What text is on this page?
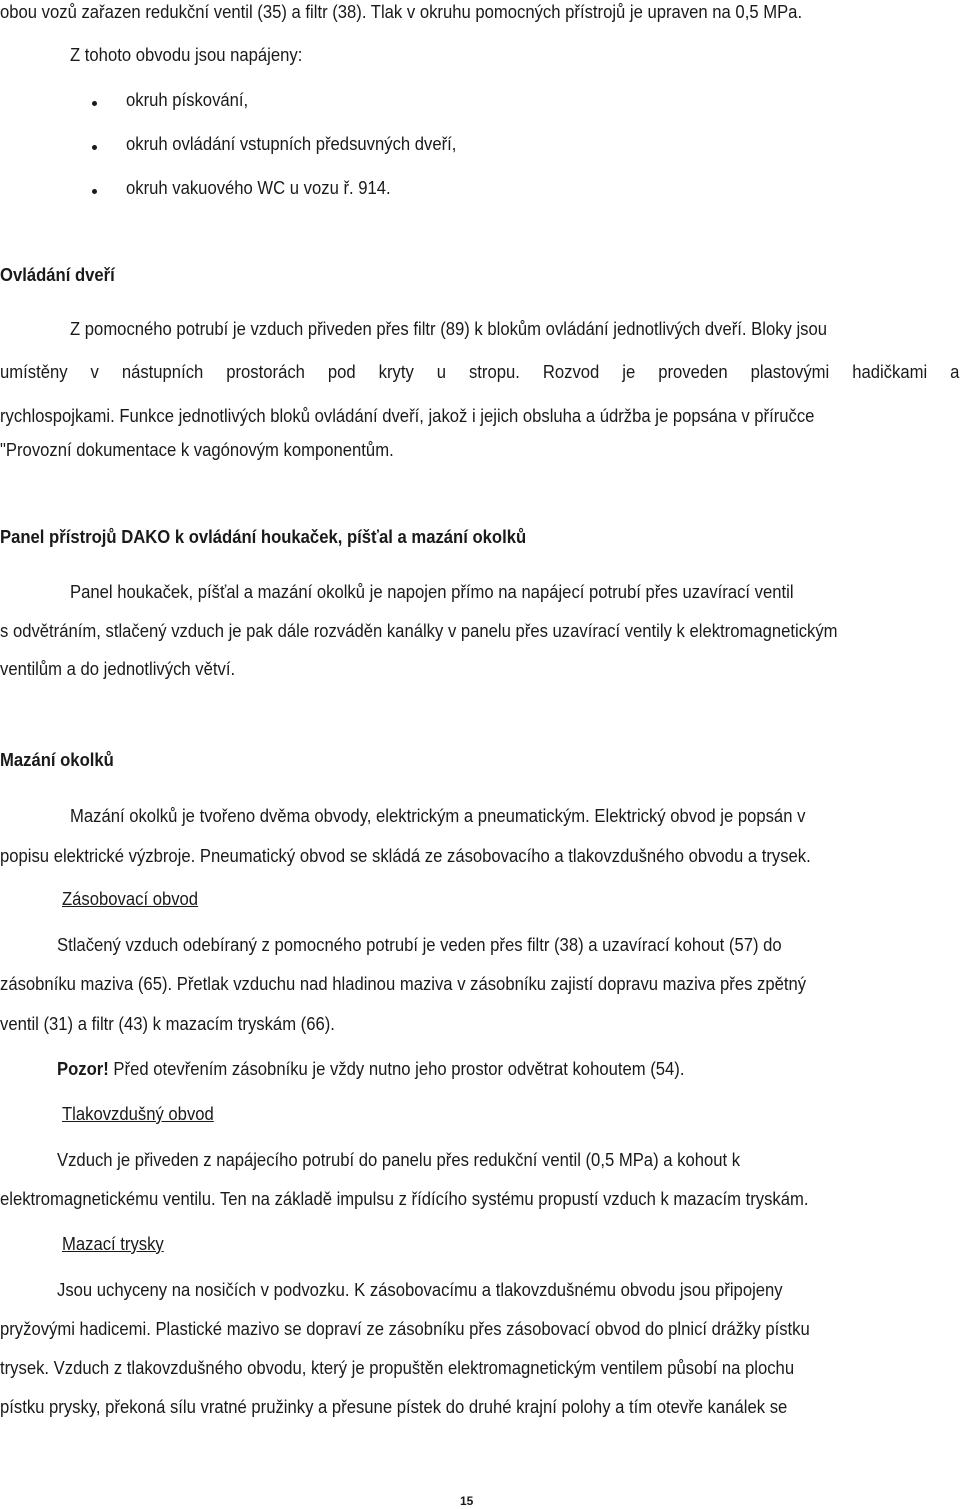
obou vozů zařazen redukční ventil (35) a filtr (38). Tlak v okruhu pomocných přístrojů je upraven na 0,5 MPa.
Z tohoto obvodu jsou napájeny:
okruh pískování,
okruh ovládání vstupních předsuvných dveří,
okruh vakuového WC u vozu ř. 914.
Ovládání dveří
Z pomocného potrubí je vzduch přiveden přes filtr (89) k blokům ovládání jednotlivých dveří. Bloky jsou
umístěny v nástupních prostorách pod kryty u stropu. Rozvod je proveden plastovými hadičkami a
rychlospojkami. Funkce jednotlivých bloků ovládání dveří, jakož i jejich obsluha a údržba je popsána v příručce
"Provozní dokumentace k vagónovým komponentům.
Panel přístrojů DAKO k ovládání houkaček, píšťal a mazání okolků
Panel houkaček, píšťal a mazání okolků je napojen přímo na napájecí potrubí přes uzavírací ventil
s odvětráním, stlačený vzduch je pak dále rozváděn kanálky v panelu přes uzavírací ventily k elektromagnetickým
ventilům a do jednotlivých větví.
Mazání okolků
Mazání okolků je tvořeno dvěma obvody, elektrickým a pneumatickým. Elektrický obvod je popsán v
popisu elektrické výzbroje. Pneumatický obvod se skládá ze zásobovacího a tlakovzdušného obvodu a trysek.
Zásobovací obvod
Stlačený vzduch odebíraný z pomocného potrubí je veden přes filtr (38) a uzavírací kohout (57) do
zásobníku maziva (65). Přetlak vzduchu nad hladinou maziva v zásobníku zajistí dopravu maziva přes zpětný
ventil (31) a filtr (43) k mazacím tryskám (66).
Pozor! Před otevřením zásobníku je vždy nutno jeho prostor odvětrat kohoutem (54).
Tlakovzdušný obvod
Vzduch je přiveden z napájecího potrubí do panelu přes redukční ventil (0,5 MPa) a kohout k
elektromagnetickému ventilu. Ten na základě impulsu z řídícího systému propustí vzduch k mazacím tryskám.
Mazací trysky
Jsou uchyceny na nosičích v podvozku. K zásobovacímu a tlakovzdušnému obvodu jsou připojeny
pryžovými hadicemi. Plastické mazivo se dopraví ze zásobníku přes zásobovací obvod do plnicí drážky pístku
trysek. Vzduch z tlakovzdušného obvodu, který je propuštěn elektromagnetickým ventilem působí na plochu
pístku prysky, překoná sílu vratné pružinky a přesune pístek do druhé krajní polohy a tím otevře kanálek se
15
